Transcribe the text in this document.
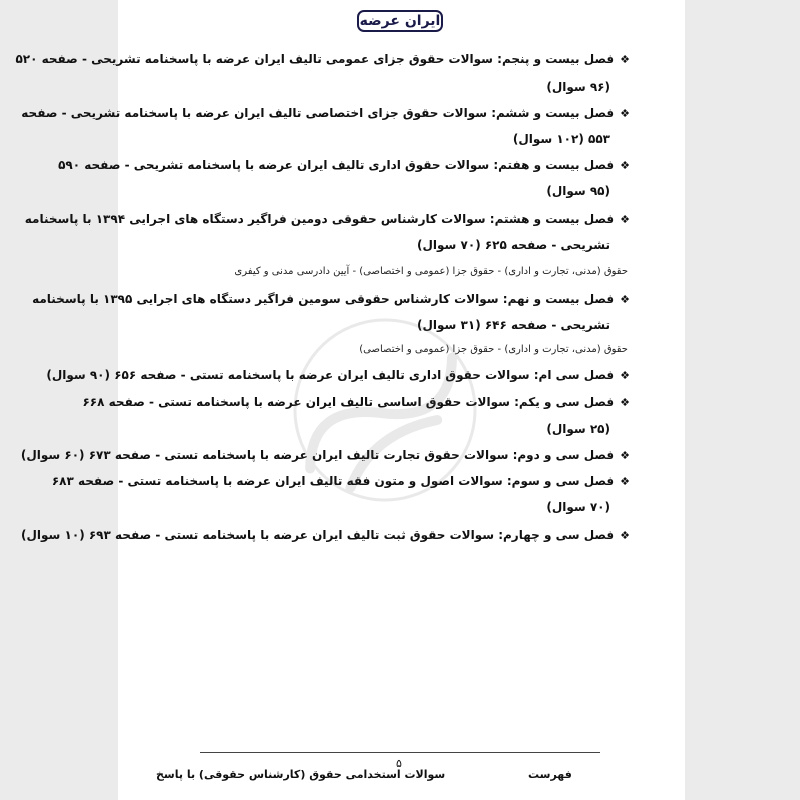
ایران عرضه
❖فصل بیست و پنجم: سوالات حقوق جزای عمومی تالیف ایران عرضه با پاسخنامه تشریحی - صفحه ۵۲۰
(۹۶ سوال)
❖فصل بیست و ششم: سوالات حقوق جزای اختصاصی تالیف ایران عرضه با پاسخنامه تشریحی - صفحه
۵۵۳ (۱۰۲ سوال)
❖فصل بیست و هفتم: سوالات حقوق اداری تالیف ایران عرضه با پاسخنامه تشریحی - صفحه ۵۹۰
(۹۵ سوال)
❖فصل بیست و هشتم: سوالات کارشناس حقوقی دومین فراگیر دستگاه های اجرایی ۱۳۹۴ با پاسخنامه
تشریحی - صفحه ۶۲۵ (۷۰ سوال)
حقوق (مدنی، تجارت و اداری) - حقوق جزا (عمومی و اختصاصی) - آیین دادرسی مدنی و کیفری
❖فصل بیست و نهم: سوالات کارشناس حقوقی سومین فراگیر دستگاه های اجرایی ۱۳۹۵ با پاسخنامه
تشریحی - صفحه ۶۴۶ (۳۱ سوال)
حقوق (مدنی، تجارت و اداری) - حقوق جزا (عمومی و اختصاصی)
❖فصل سی ام: سوالات حقوق اداری تالیف ایران عرضه با پاسخنامه تستی - صفحه ۶۵۶ (۹۰ سوال)
❖فصل سی و یکم: سوالات حقوق اساسی تالیف ایران عرضه با پاسخنامه تستی - صفحه ۶۶۸
(۲۵ سوال)
❖فصل سی و دوم: سوالات حقوق تجارت تالیف ایران عرضه با پاسخنامه تستی - صفحه ۶۷۳ (۶۰ سوال)
❖فصل سی و سوم: سوالات اصول و متون فقه تالیف ایران عرضه با پاسخنامه تستی - صفحه ۶۸۳
(۷۰ سوال)
❖فصل سی و چهارم: سوالات حقوق ثبت تالیف ایران عرضه با پاسخنامه تستی - صفحه ۶۹۳ (۱۰ سوال)
۵
فهرست
سوالات استخدامی حقوق (کارشناس حقوقی) با پاسخ
